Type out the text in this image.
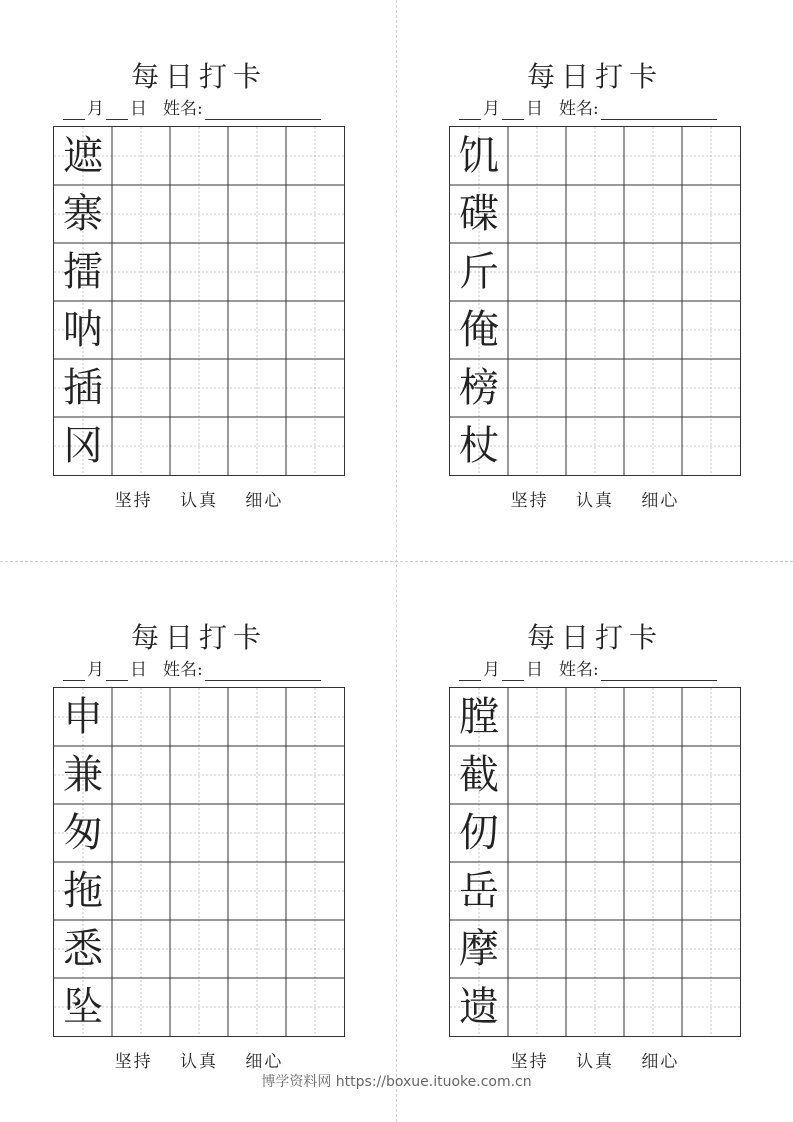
每日打卡
月 日 姓名:
遮
寨
擂
呐
插
冈
坚持 认真 细心
每日打卡
月 日 姓名:
饥
碟
斤
俺
榜
杖
坚持 认真 细心
每日打卡
月 日 姓名:
申
兼
匆
拖
悉
坠
坚持 认真 细心
每日打卡
月 日 姓名:
膛
截
仞
岳
摩
遗
坚持 认真 细心
博学资料网 https://boxue.ituoke.com.cn
